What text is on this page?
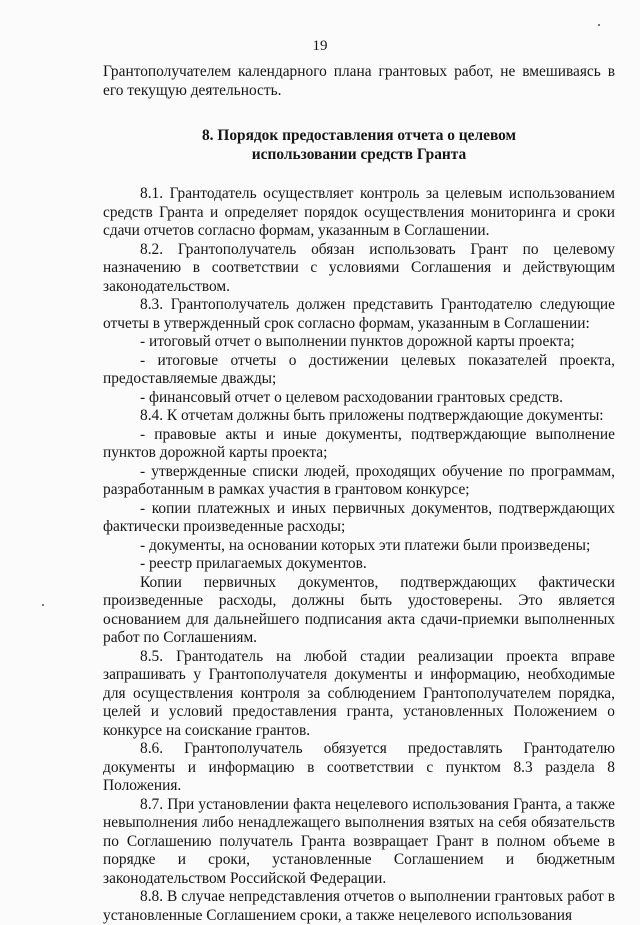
19

Грантополучателем календарного плана грантовых работ, не вмешиваясь в его текущую деятельность.

8. Порядок предоставления отчета о целевом
использовании средств Гранта

8.1. Грантодатель осуществляет контроль за целевым использованием средств Гранта и определяет порядок осуществления мониторинга и сроки сдачи отчетов согласно формам, указанным в Соглашении.

8.2. Грантополучатель обязан использовать Грант по целевому назначению в соответствии с условиями Соглашения и действующим законодательством.

8.3. Грантополучатель должен представить Грантодателю следующие отчеты в утвержденный срок согласно формам, указанным в Соглашении:

- итоговый отчет о выполнении пунктов дорожной карты проекта;

- итоговые отчеты о достижении целевых показателей проекта, предоставляемые дважды;

- финансовый отчет о целевом расходовании грантовых средств.

8.4. К отчетам должны быть приложены подтверждающие документы:

- правовые акты и иные документы, подтверждающие выполнение пунктов дорожной карты проекта;

- утвержденные списки людей, проходящих обучение по программам, разработанным в рамках участия в грантовом конкурсе;

- копии платежных и иных первичных документов, подтверждающих фактически произведенные расходы;

- документы, на основании которых эти платежи были произведены;

- реестр прилагаемых документов.

Копии первичных документов, подтверждающих фактически произведенные расходы, должны быть удостоверены. Это является основанием для дальнейшего подписания акта сдачи-приемки выполненных работ по Соглашениям.

8.5. Грантодатель на любой стадии реализации проекта вправе запрашивать у Грантополучателя документы и информацию, необходимые для осуществления контроля за соблюдением Грантополучателем порядка, целей и условий предоставления гранта, установленных Положением о конкурсе на соискание грантов.

8.6. Грантополучатель обязуется предоставлять Грантодателю документы и информацию в соответствии с пунктом 8.3 раздела 8 Положения.

8.7. При установлении факта нецелевого использования Гранта, а также невыполнения либо ненадлежащего выполнения взятых на себя обязательств по Соглашению получатель Гранта возвращает Грант в полном объеме в порядке и сроки, установленные Соглашением и бюджетным законодательством Российской Федерации.

8.8. В случае непредставления отчетов о выполнении грантовых работ в установленные Соглашением сроки, а также нецелевого использования
